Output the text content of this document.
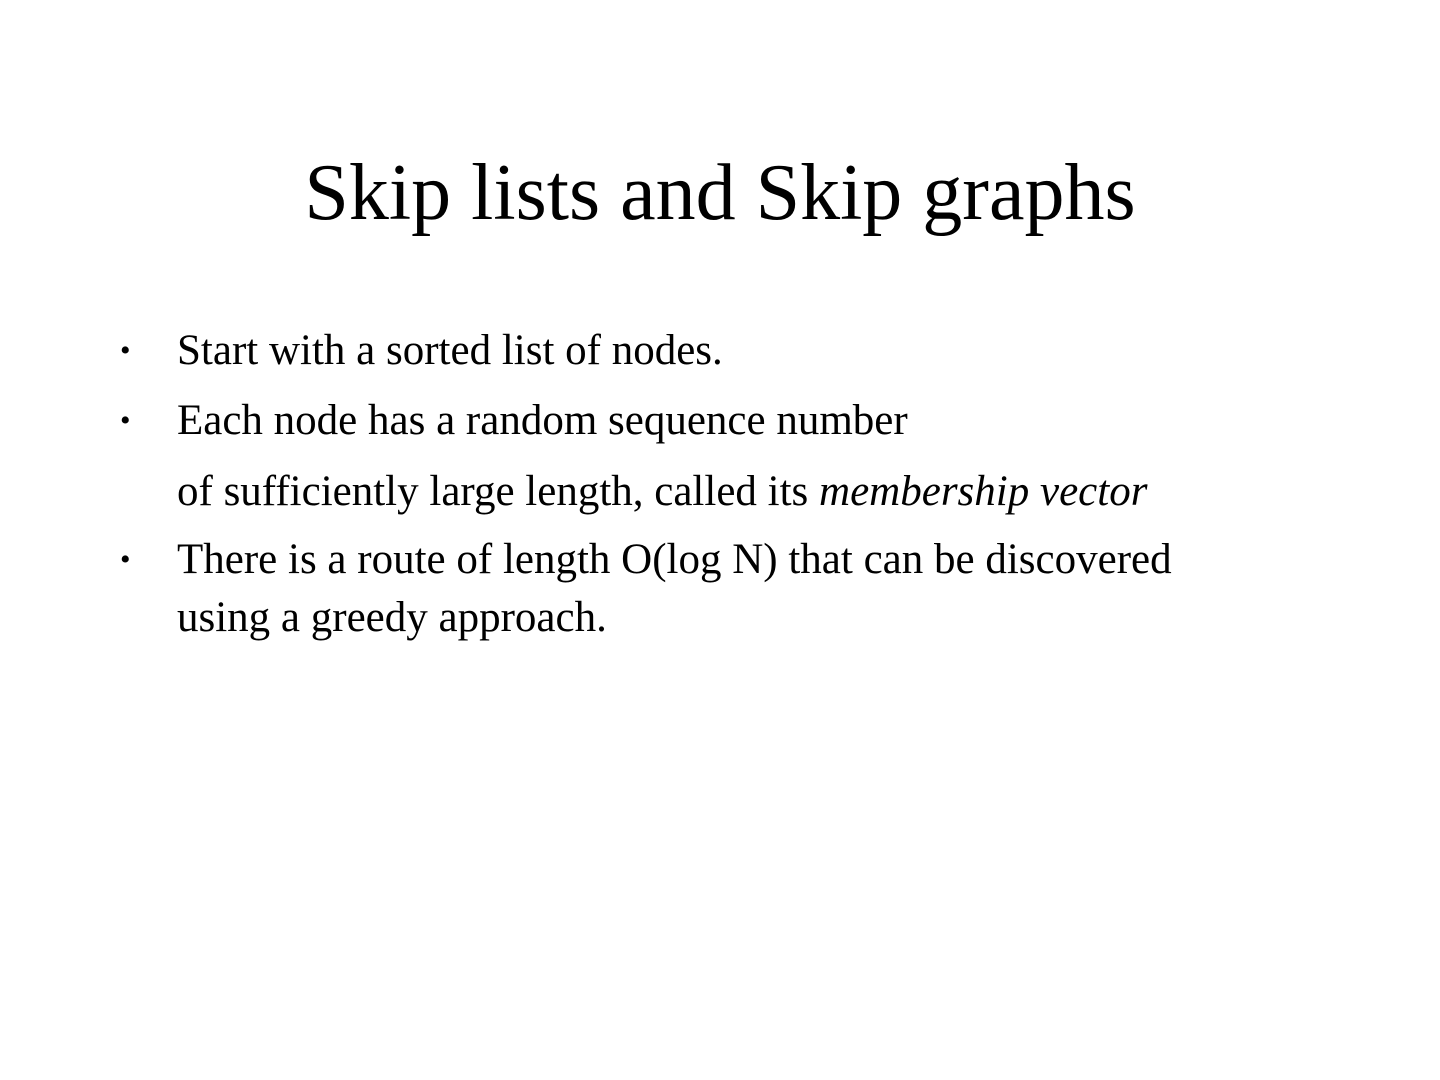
Skip lists and Skip graphs
• Start with a sorted list of nodes.
• Each node has a random sequence number
of sufficiently large length, called its membership vector
• There is a route of length O(log N) that can be discovered
using a greedy approach.
